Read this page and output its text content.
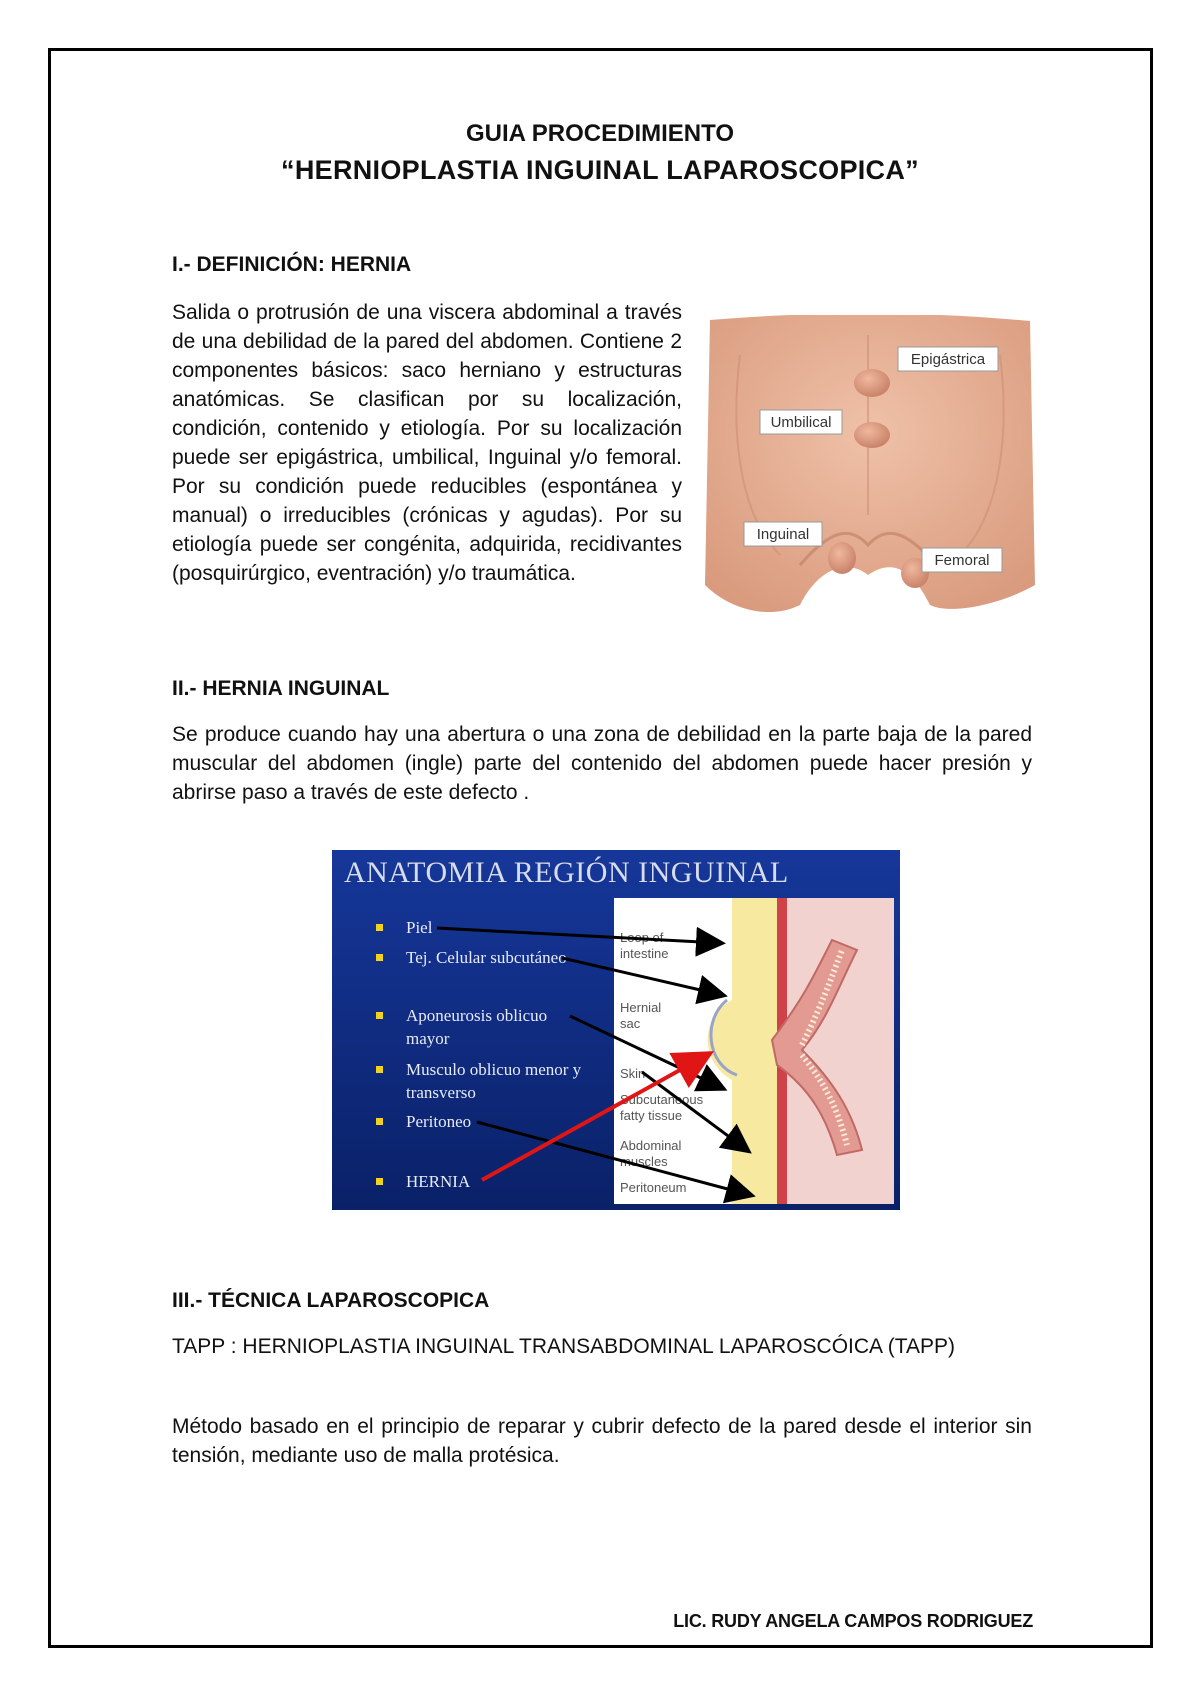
GUIA PROCEDIMIENTO
“HERNIOPLASTIA INGUINAL LAPAROSCOPICA”
I.- DEFINICIÓN: HERNIA
Salida o protrusión de una viscera abdominal a través de una debilidad de la pared del abdomen. Contiene 2 componentes básicos: saco herniano y estructuras anatómicas. Se clasifican por su localización, condición, contenido y etiología. Por su localización puede ser epigástrica, umbilical, Inguinal y/o femoral. Por su condición puede reducibles (espontánea y manual) o irreducibles (crónicas y agudas). Por su etiología puede ser congénita, adquirida, recidivantes (posquirúrgico, eventración) y/o traumática.
Epigástrica
Umbilical
Inguinal
Femoral
II.- HERNIA INGUINAL
Se produce cuando hay una abertura o una zona de debilidad en la parte baja de la pared muscular del abdomen (ingle) parte del contenido del abdomen puede hacer presión y abrirse paso a través de este defecto .
ANATOMIA REGIÓN INGUINAL
Loop of
intestine
Hernial
sac
Skin
Subcutaneous
fatty tissue
Abdominal
muscles
Peritoneum
Piel
Tej. Celular subcutáneo
Aponeurosis oblicuo
mayor
Musculo oblicuo menor y
transverso
Peritoneo
HERNIA
III.- TÉCNICA LAPAROSCOPICA
TAPP : HERNIOPLASTIA INGUINAL TRANSABDOMINAL LAPAROSCÓICA (TAPP)
Método basado en el principio de reparar y cubrir defecto de la pared desde el interior sin tensión, mediante uso de malla protésica.
LIC. RUDY ANGELA CAMPOS RODRIGUEZ
